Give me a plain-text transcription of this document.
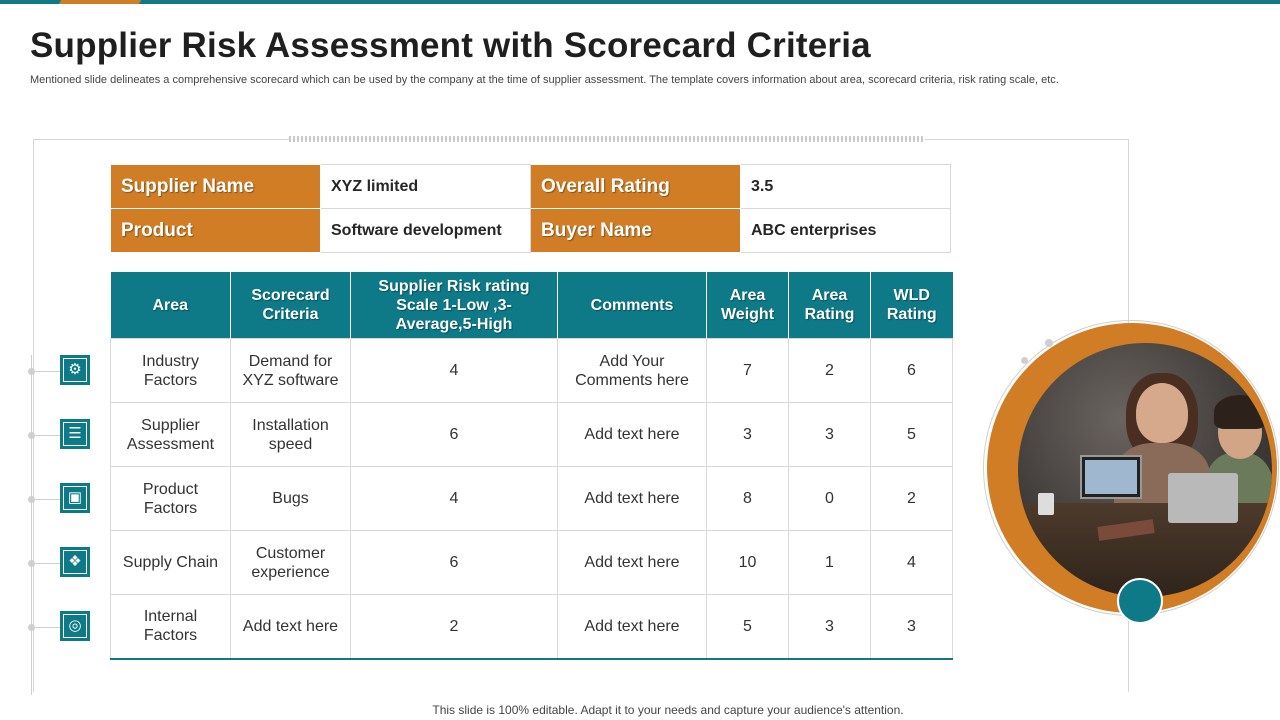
Supplier Risk Assessment with Scorecard Criteria
Mentioned slide delineates a comprehensive scorecard which can be used by the company at the time of supplier assessment. The template covers information about area, scorecard criteria, risk rating scale, etc.
Supplier Name	XYZ limited	Overall Rating	3.5
Product	Software development	Buyer Name	ABC enterprises
Area	Scorecard Criteria	Supplier Risk rating Scale 1-Low ,3-Average,5-High	Comments	Area Weight	Area Rating	WLD Rating
Industry Factors	Demand for XYZ software	4	Add Your Comments here	7	2	6
Supplier Assessment	Installation speed	6	Add text here	3	3	5
Product Factors	Bugs	4	Add text here	8	0	2
Supply Chain	Customer experience	6	Add text here	10	1	4
Internal Factors	Add text here	2	Add text here	5	3	3
⚙
☰
▣
❖
◎
This slide is 100% editable. Adapt it to your needs and capture your audience's attention.
